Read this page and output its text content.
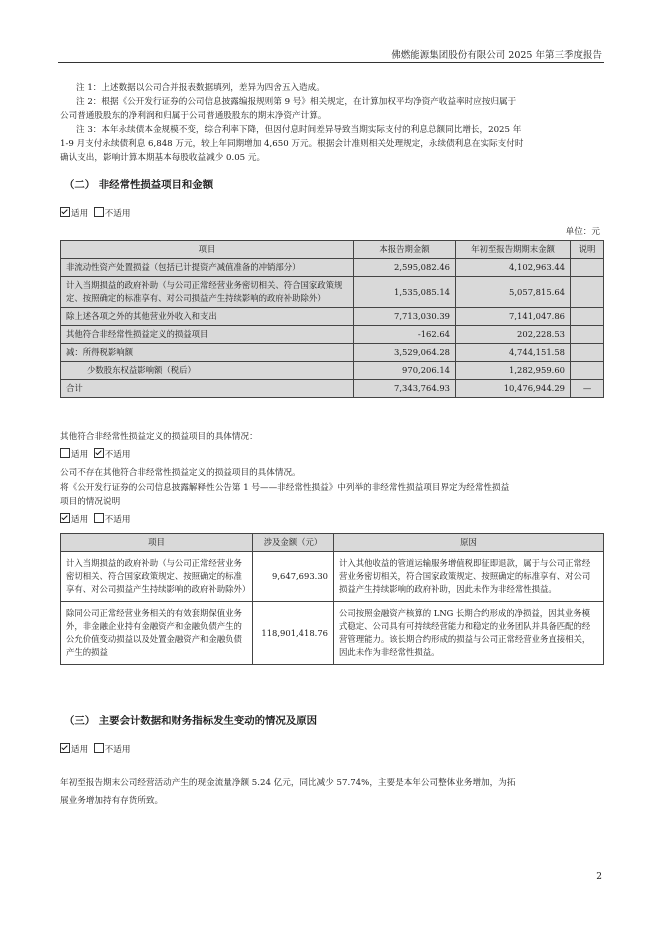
佛燃能源集团股份有限公司 2025 年第三季度报告
注 1：上述数据以公司合并报表数据填列，差异为四舍五入造成。
注 2：根据《公开发行证券的公司信息披露编报规则第 9 号》相关规定，在计算加权平均净资产收益率时应按归属于
公司普通股股东的净利润和归属于公司普通股股东的期末净资产计算。
注 3：本年永续债本金规模不变，综合利率下降，但因付息时间差异导致当期实际支付的利息总额同比增长，2025 年
1-9 月支付永续债利息 6,848 万元，较上年同期增加 4,650 万元。根据会计准则相关处理规定，永续债利息在实际支付时
确认支出，影响计算本期基本每股收益减少 0.05 元。
（二） 非经常性损益项目和金额
适用 不适用
单位：元
项目	本报告期金额	年初至报告期期末金额	说明
非流动性资产处置损益（包括已计提资产减值准备的冲销部分）	2,595,082.46	4,102,963.44	
计入当期损益的政府补助（与公司正常经营业务密切相关、符合国家政策规定、按照确定的标准享有、对公司损益产生持续影响的政府补助除外）	1,535,085.14	5,057,815.64	
除上述各项之外的其他营业外收入和支出	7,713,030.39	7,141,047.86	
其他符合非经常性损益定义的损益项目	-162.64	202,228.53	
减：所得税影响额	3,529,064.28	4,744,151.58	
少数股东权益影响额（税后）	970,206.14	1,282,959.60	
合计	7,343,764.93	10,476,944.29	—
其他符合非经常性损益定义的损益项目的具体情况：
适用 不适用
公司不存在其他符合非经常性损益定义的损益项目的具体情况。
将《公开发行证券的公司信息披露解释性公告第 1 号——非经常性损益》中列举的非经常性损益项目界定为经常性损益
项目的情况说明
适用 不适用
项目	涉及金额（元）	原因
计入当期损益的政府补助（与公司正常经营业务密切相关、符合国家政策规定、按照确定的标准享有、对公司损益产生持续影响的政府补助除外）	9,647,693.30	计入其他收益的管道运输服务增值税即征即退款，属于与公司正常经营业务密切相关，符合国家政策规定、按照确定的标准享有、对公司损益产生持续影响的政府补助，因此未作为非经常性损益。
除同公司正常经营业务相关的有效套期保值业务外，非金融企业持有金融资产和金融负债产生的公允价值变动损益以及处置金融资产和金融负债产生的损益	118,901,418.76	公司按照金融资产核算的 LNG 长期合约形成的净损益，因其业务模式稳定、公司具有可持续经营能力和稳定的业务团队并具备匹配的经营管理能力。该长期合约形成的损益与公司正常经营业务直接相关，因此未作为非经常性损益。
（三） 主要会计数据和财务指标发生变动的情况及原因
适用 不适用
年初至报告期末公司经营活动产生的现金流量净额 5.24 亿元，同比减少 57.74%，主要是本年公司整体业务增加，为拓
展业务增加持有存货所致。
2
